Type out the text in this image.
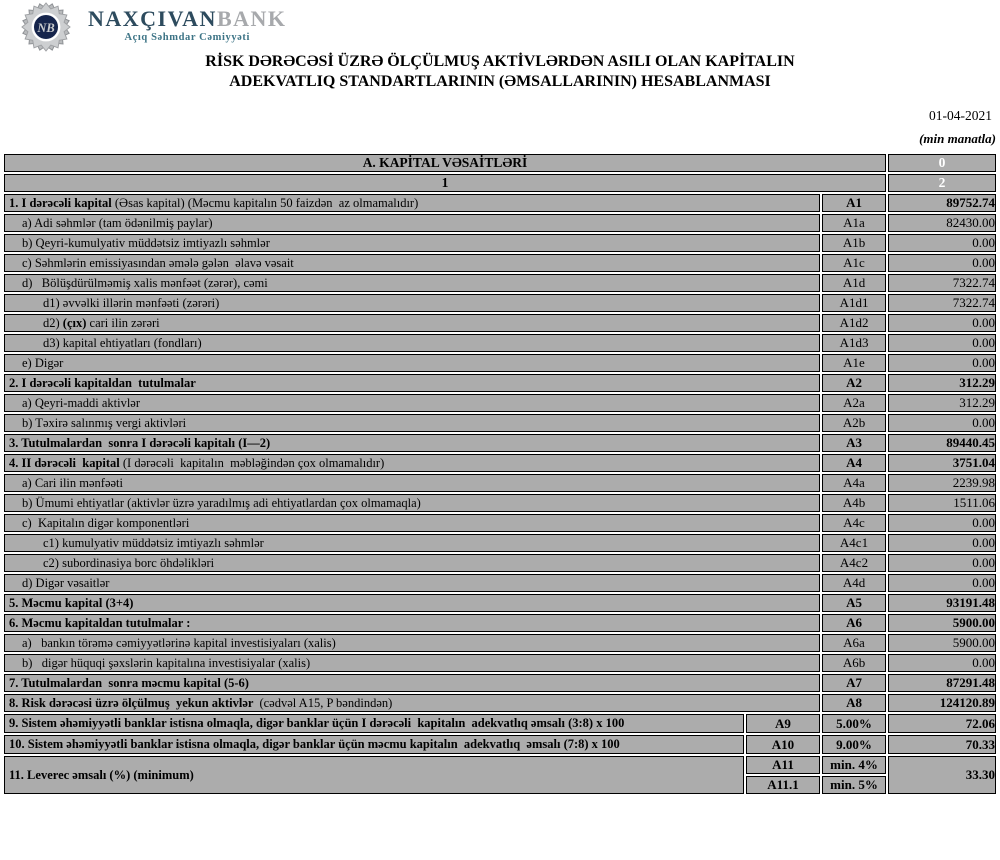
NB NAXÇIVANBANK
Açıq Səhmdar Cəmiyyəti
RİSK DƏRƏCƏSİ ÜZRƏ ÖLÇÜLMUŞ AKTİVLƏRDƏN ASILI OLAN KAPİTALIN
ADEKVATLIQ STANDARTLARININ (ƏMSALLARININ) HESABLANMASI
01-04-2021
(min manatla)
A. KAPİTAL VƏSAİTLƏRİ			0
1			2
1. I dərəcəli kapital (Əsas kapital) (Məcmu kapitalın 50 faizdən  az olmamalıdır)		A1	89752.74
a) Adi səhmlər (tam ödənilmiş paylar)		A1a	82430.00
b) Qeyri-kumulyativ müddətsiz imtiyazlı səhmlər		A1b	0.00
c) Səhmlərin emissiyasından əmələ gələn  əlavə vəsait		A1c	0.00
d)   Bölüşdürülməmiş xalis mənfəət (zərər), cəmi		A1d	7322.74
d1) əvvəlki illərin mənfəəti (zərəri)		A1d1	7322.74
d2) (çıx) cari ilin zərəri		A1d2	0.00
d3) kapital ehtiyatları (fondları)		A1d3	0.00
e) Digər		A1e	0.00
2. I dərəcəli kapitaldan  tutulmalar		A2	312.29
a) Qeyri-maddi aktivlər		A2a	312.29
b) Təxirə salınmış vergi aktivləri		A2b	0.00
3. Tutulmalardan  sonra I dərəcəli kapitalı (I—2)		A3	89440.45
4. II dərəcəli  kapital (I dərəcəli  kapitalın  məbləğindən çox olmamalıdır)		A4	3751.04
a) Cari ilin mənfəəti		A4a	2239.98
b) Ümumi ehtiyatlar (aktivlər üzrə yaradılmış adi ehtiyatlardan çox olmamaqla)		A4b	1511.06
c)  Kapitalın digər komponentləri		A4c	0.00
c1) kumulyativ müddətsiz imtiyazlı səhmlər		A4c1	0.00
c2) subordinasiya borc öhdəlikləri		A4c2	0.00
d) Digər vəsaitlər		A4d	0.00
5. Məcmu kapital (3+4)		A5	93191.48
6. Məcmu kapitaldan tutulmalar :		A6	5900.00
a)   bankın törəmə cəmiyyətlərinə kapital investisiyaları (xalis)		A6a	5900.00
b)   digər hüquqi şəxslərin kapitalına investisiyalar (xalis)		A6b	0.00
7. Tutulmalardan  sonra məcmu kapital (5-6)		A7	87291.48
8. Risk dərəcəsi üzrə ölçülmuş  yekun aktivlər  (cədvəl A15, P bəndindən)		A8	124120.89
9. Sistem əhəmiyyətli banklar istisna olmaqla, digər banklar üçün I dərəcəli  kapitalın  adekvatlıq əmsalı (3:8) x 100	A9	5.00%	72.06
10. Sistem əhəmiyyətli banklar istisna olmaqla, digər banklar üçün məcmu kapitalın  adekvatlıq  əmsalı (7:8) x 100	A10	9.00%	70.33
11. Leverec əmsalı (%) (minimum)	A11	min. 4%	33.30
	A11.1	min. 5%	
